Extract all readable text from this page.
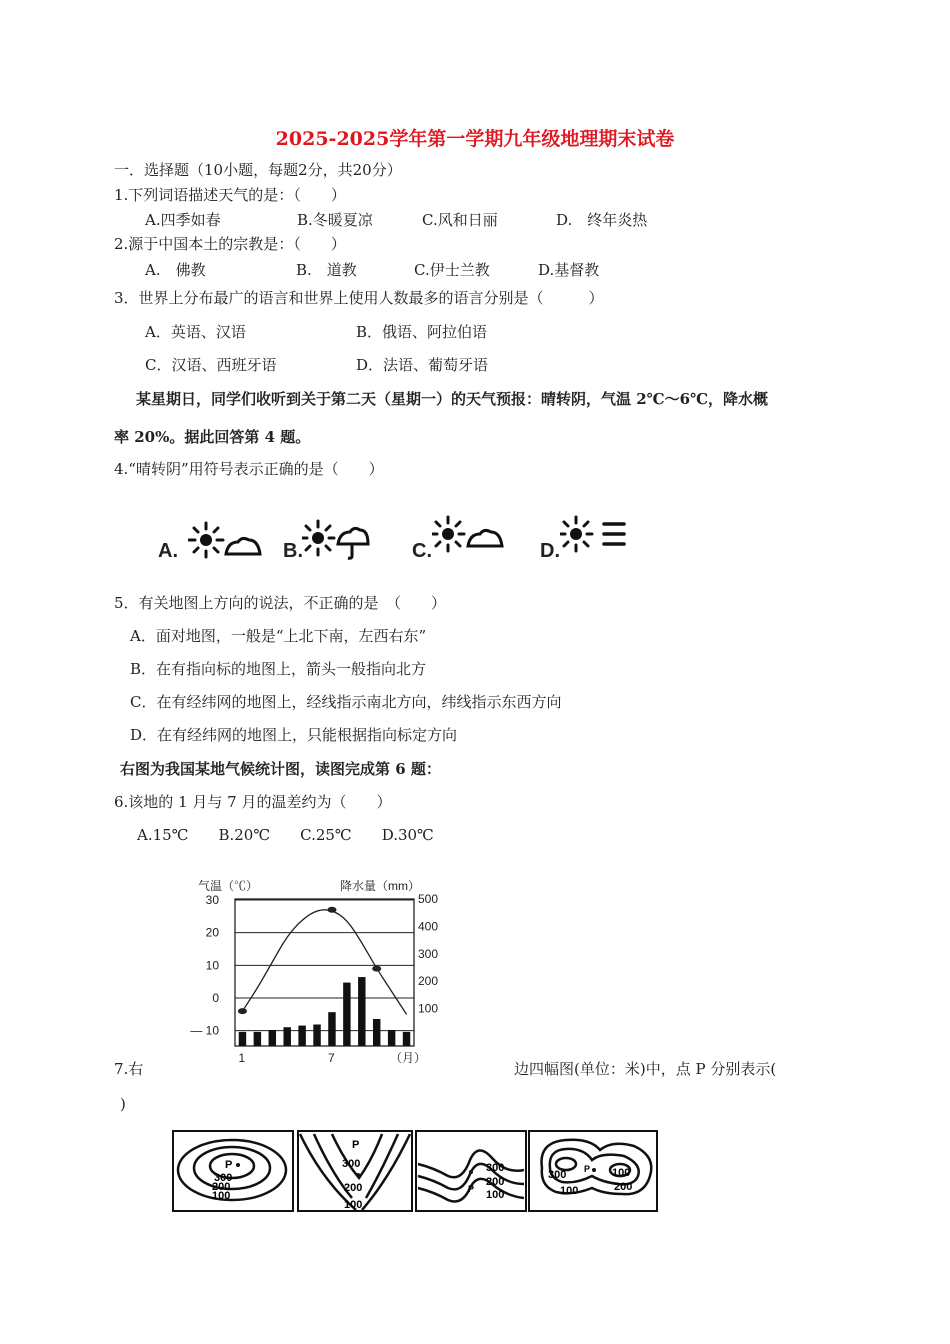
2025-2025学年第一学期九年级地理期末试卷
一．选择题（10小题，每题2分，共20分）
1.下列词语描述天气的是：（　　）
A.四季如春	B.冬暖夏凉	C.风和日丽	D.　终年炎热
2.源于中国本土的宗教是：（　　）
A.　佛教	B.　道教	C.伊士兰教	D.基督教
3．世界上分布最广的语言和世界上使用人数最多的语言分别是（　　　）
A．英语、汉语	B．俄语、阿拉伯语
C．汉语、西班牙语	D．法语、葡萄牙语
某星期日，同学们收听到关于第二天（星期一）的天气预报：晴转阴，气温 2℃～6℃，降水概
率 20%。据此回答第 4 题。
4.“晴转阴”用符号表示正确的是（　　）
A.	B.	C.	D.
5．有关地图上方向的说法，不正确的是　（　　）
A．面对地图，一般是“上北下南，左西右东”
B．在有指向标的地图上，箭头一般指向北方
C．在有经纬网的地图上，经线指示南北方向，纬线指示东西方向
D．在有经纬网的地图上，只能根据指向标定方向
右图为我国某地气候统计图，读图完成第 6 题：
6.该地的 1 月与 7 月的温差约为（　　）
A.15℃　　B.20℃　　C.25℃　　D.30℃
气温（℃）	降水量（mm）
30
20
10
0
— 10
500
400
300
200
100
1	7	（月）
7.右	边四幅图(单位：米)中，点 P 分别表示(
)
P
300
200
100
P
300
200
100
300
200
100
P
300 P 100
200
100
